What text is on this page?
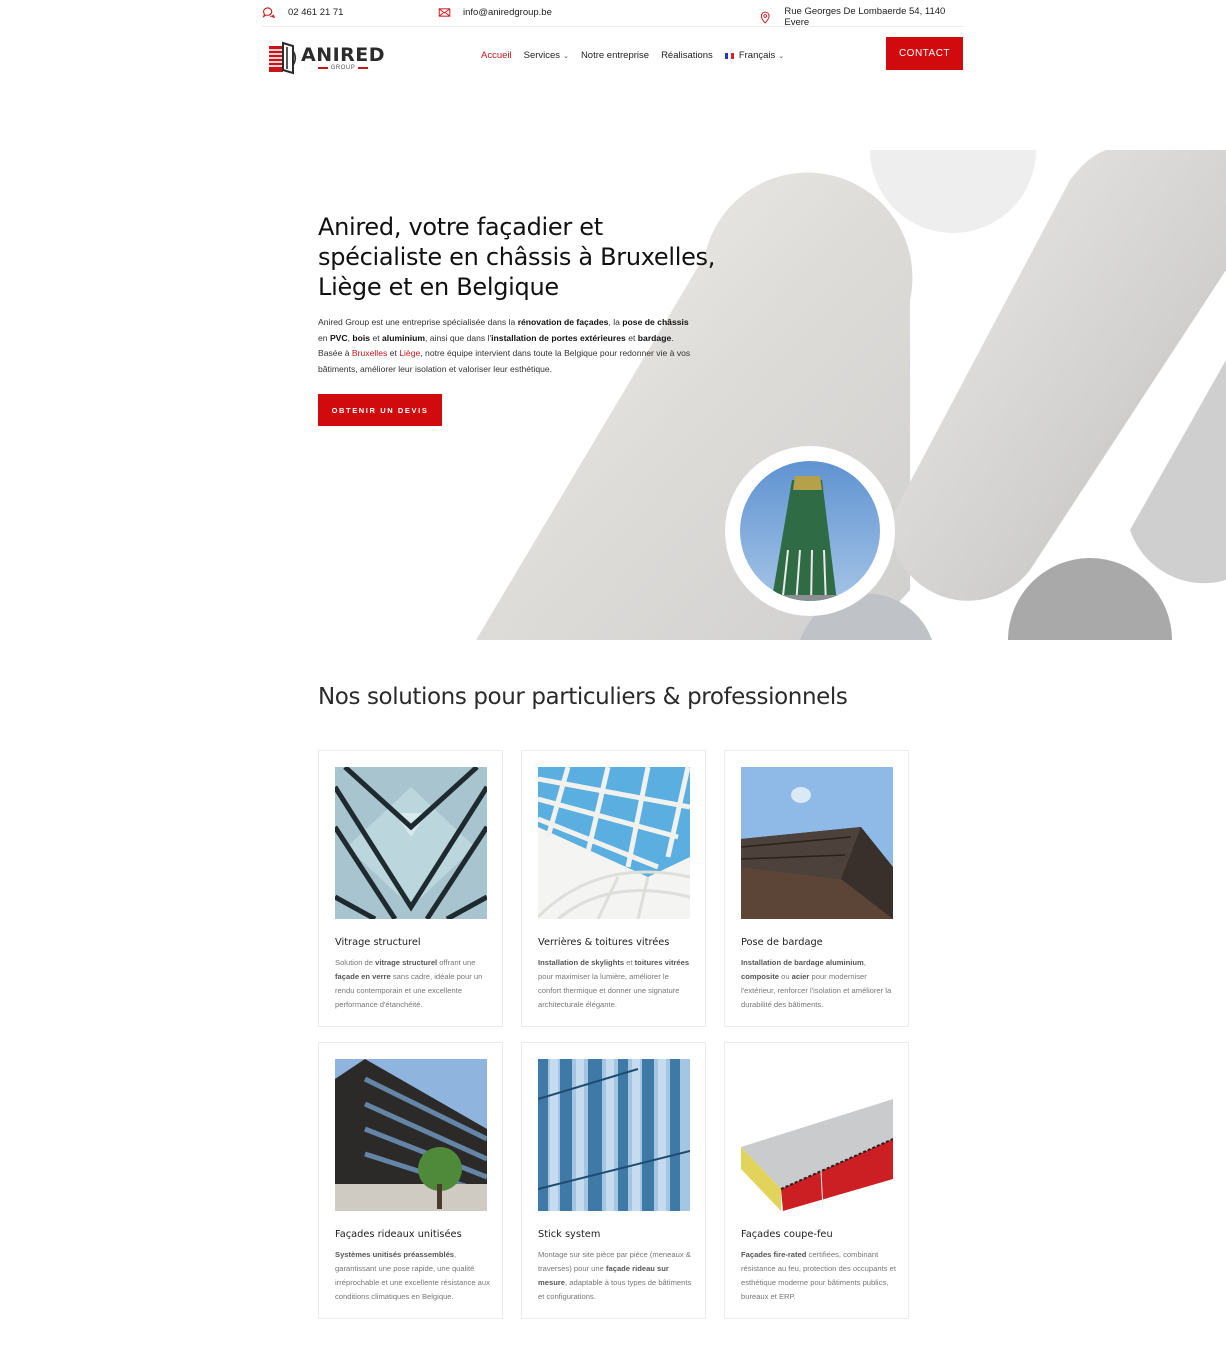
02 461 21 71	info@aniredgroup.be	Rue Georges De Lombaerde 54, 1140 Evere
ANIRED
GROUP
Accueil Services ⌄ Notre entreprise Réalisations	Français ⌄	CONTACT
Anired, votre façadier et spécialiste en châssis à Bruxelles, Liège et en Belgique

Anired Group est une entreprise spécialisée dans la rénovation de façades, la pose de châssis en PVC, bois et aluminium, ainsi que dans l'installation de portes extérieures et bardage. Basée à Bruxelles et Liège, notre équipe intervient dans toute la Belgique pour redonner vie à vos bâtiments, améliorer leur isolation et valoriser leur esthétique.

OBTENIR UN DEVIS
Nos solutions pour particuliers & professionnels
Vitrage structurel
Solution de vitrage structurel offrant une façade en verre sans cadre, idéale pour un rendu contemporain et une excellente performance d'étanchéité.
Verrières & toitures vitrées
Installation de skylights et toitures vitrées pour maximiser la lumière, améliorer le confort thermique et donner une signature architecturale élégante.
Pose de bardage
Installation de bardage aluminium, composite ou acier pour moderniser l'extérieur, renforcer l'isolation et améliorer la durabilité des bâtiments.
Façades rideaux unitisées
Systèmes unitisés préassemblés, garantissant une pose rapide, une qualité irréprochable et une excellente résistance aux conditions climatiques en Belgique.
Stick system
Montage sur site pièce par pièce (meneaux & traverses) pour une façade rideau sur mesure, adaptable à tous types de bâtiments et configurations.
Façades coupe-feu
Façades fire-rated certifiées, combinant résistance au feu, protection des occupants et esthétique moderne pour bâtiments publics, bureaux et ERP.
